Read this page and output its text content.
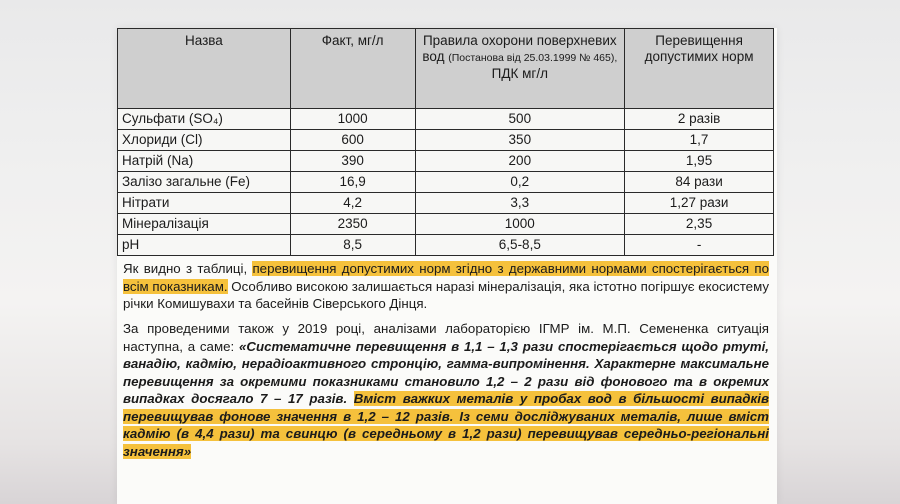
Назва	Факт, мг/л	Правила охорони поверхневих вод (Постанова від 25.03.1999 № 465), ПДК мг/л	Перевищення допустимих норм
Сульфати (SO₄)	1000	500	2 разів
Хлориди (Cl)	600	350	1,7
Натрій (Na)	390	200	1,95
Залізо загальне (Fe)	16,9	0,2	84 рази
Нітрати	4,2	3,3	1,27 рази
Мінералізація	2350	1000	2,35
pH	8,5	6,5-8,5	-
Як видно з таблиці, перевищення допустимих норм згідно з державними нормами спостерігається по всім показникам. Особливо високою залишається наразі мінералізація, яка істотно погіршує екосистему річки Комишувахи та басейнів Сіверського Дінця.
За проведеними також у 2019 році, аналізами лабораторією ІГМР ім. М.П. Семененка ситуація наступна, а саме: «Систематичне перевищення в 1,1 – 1,3 рази спостерігається щодо ртуті, ванадію, кадмію, нерадіоактивного стронцію, гамма-випромінення. Характерне максимальне перевищення за окремими показниками становило 1,2 – 2 рази від фонового та в окремих випадках досягало 7 – 17 разів. Вміст важких металів у пробах вод в більшості випадків перевищував фонове значення в 1,2 – 12 разів. Із семи досліджуваних металів, лише вміст кадмію (в 4,4 рази) та свинцю (в середньому в 1,2 рази) перевищував середньо-регіональні значення»
